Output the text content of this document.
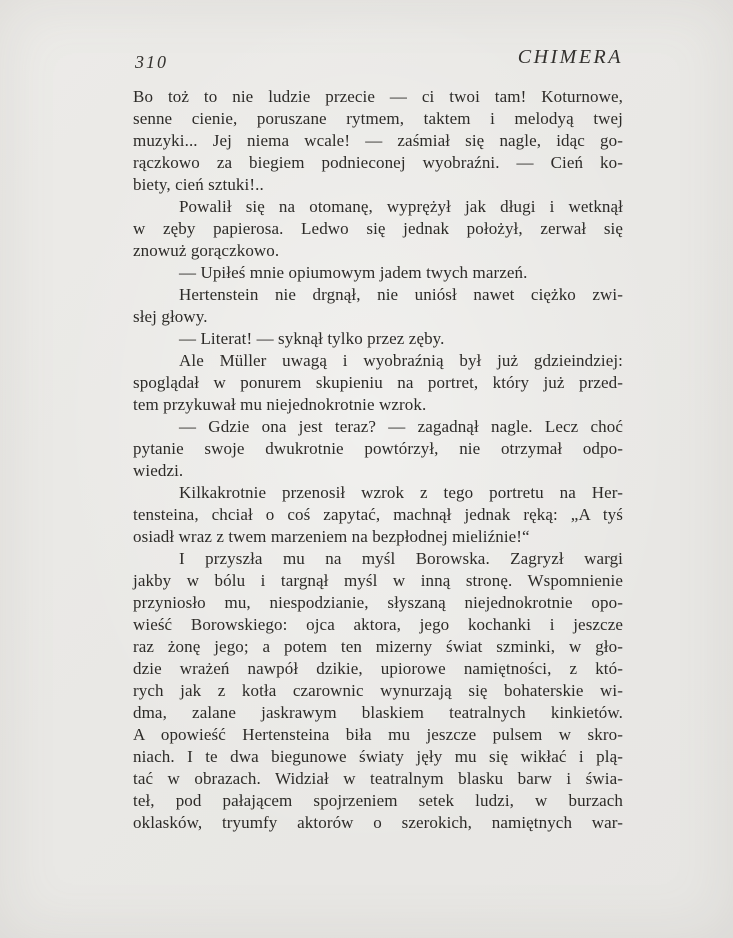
310	CHIMERA
Bo toż to nie ludzie przecie — ci twoi tam! Koturnowe,
senne cienie, poruszane rytmem, taktem i melodyą twej
muzyki... Jej niema wcale! — zaśmiał się nagle, idąc go-
rączkowo za biegiem podnieconej wyobraźni. — Cień ko-
biety, cień sztuki!..
Powalił się na otomanę, wyprężył jak długi i wetknął
w zęby papierosa. Ledwo się jednak położył, zerwał się
znowuż gorączkowo.
— Upiłeś mnie opiumowym jadem twych marzeń.
Hertenstein nie drgnął, nie uniósł nawet ciężko zwi-
słej głowy.
— Literat! — syknął tylko przez zęby.
Ale Müller uwagą i wyobraźnią był już gdzieindziej:
spoglądał w ponurem skupieniu na portret, który już przed-
tem przykuwał mu niejednokrotnie wzrok.
— Gdzie ona jest teraz? — zagadnął nagle. Lecz choć
pytanie swoje dwukrotnie powtórzył, nie otrzymał odpo-
wiedzi.
Kilkakrotnie przenosił wzrok z tego portretu na Her-
tensteina, chciał o coś zapytać, machnął jednak ręką: „A tyś
osiadł wraz z twem marzeniem na bezpłodnej mieliźnie!“
I przyszła mu na myśl Borowska. Zagryzł wargi
jakby w bólu i targnął myśl w inną stronę. Wspomnienie
przyniosło mu, niespodzianie, słyszaną niejednokrotnie opo-
wieść Borowskiego: ojca aktora, jego kochanki i jeszcze
raz żonę jego; a potem ten mizerny świat szminki, w gło-
dzie wrażeń nawpół dzikie, upiorowe namiętności, z któ-
rych jak z kotła czarownic wynurzają się bohaterskie wi-
dma, zalane jaskrawym blaskiem teatralnych kinkietów.
A opowieść Hertensteina biła mu jeszcze pulsem w skro-
niach. I te dwa biegunowe światy jęły mu się wikłać i plą-
tać w obrazach. Widział w teatralnym blasku barw i świa-
teł, pod pałającem spojrzeniem setek ludzi, w burzach
oklasków, tryumfy aktorów o szerokich, namiętnych war-
